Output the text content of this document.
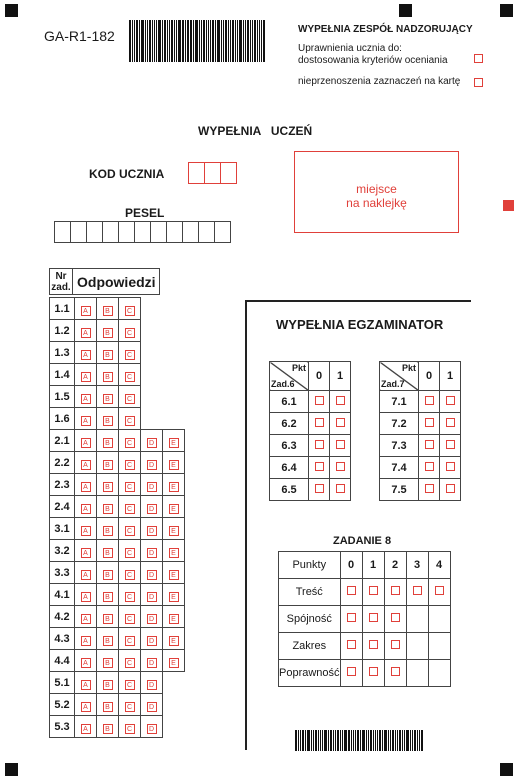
GA-R1-182	WYPEŁNIA ZESPÓŁ NADZORUJĄCY
Uprawnienia ucznia do:
dostosowania kryteriów oceniania
nieprzenoszenia zaznaczeń na kartę
WYPEŁNIA   UCZEŃ
KOD UCZNIA
PESEL
miejsce
na naklejkę
Nr
zad. Odpowiedzi
1.1	A	B	C		
1.2	A	B	C		
1.3	A	B	C		
1.4	A	B	C		
1.5	A	B	C		
1.6	A	B	C		
2.1	A	B	C	D	E
2.2	A	B	C	D	E
2.3	A	B	C	D	E
2.4	A	B	C	D	E
3.1	A	B	C	D	E
3.2	A	B	C	D	E
3.3	A	B	C	D	E
4.1	A	B	C	D	E
4.2	A	B	C	D	E
4.3	A	B	C	D	E
4.4	A	B	C	D	E
5.1	A	B	C	D	
5.2	A	B	C	D	
5.3	A	B	C	D	
WYPEŁNIA EGZAMINATOR
Pkt
Zad.6	0	1
6.1		
6.2		
6.3		
6.4		
6.5		
Pkt
Zad.7	0	1
7.1		
7.2		
7.3		
7.4		
7.5		
ZADANIE 8
Punkty	0	1	2	3	4
Treść					
Spójność					
Zakres					
Poprawność					
